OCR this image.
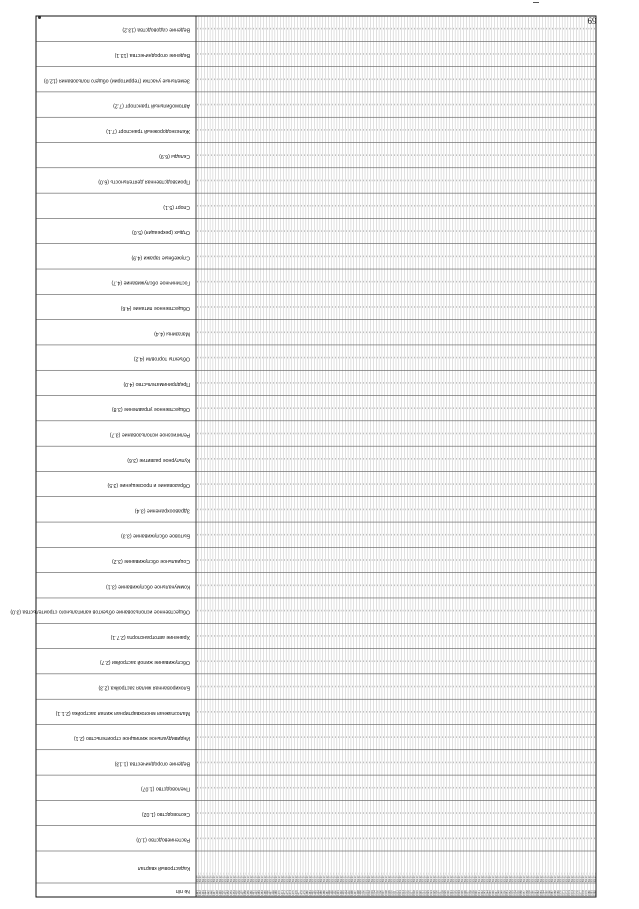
69
№ п/п
Кадастровый квартал
Растениеводство (1.0)
Скотоводство (1.02)
Пчеловодство (1.07)
Ведение огородничества (1.13)
Индивидуальное жилищное строительство (2.1)
Малоэтажная многоквартирная жилая застройка (2.1.1)
Блокированная жилая застройка (2.3)
Обслуживание жилой застройки (2.7)
Хранение автотранспорта (2.7.1)
Общественное использование объектов капитального строительства (3.0)
Коммунальное обслуживание (3.1)
Социальное обслуживание (3.2)
Бытовое обслуживание (3.3)
Здравоохранение (3.4)
Образование и просвещение (3.5)
Культурное развитие (3.6)
Религиозное использование (3.7)
Общественное управление (3.8)
Предпринимательство (4.0)
Объекты торговли (4.2)
Магазины (4.4)
Общественное питание (4.6)
Гостиничное обслуживание (4.7)
Служебные гаражи (4.9)
Отдых (рекреация) (5.0)
Спорт (5.1)
Производственная деятельность (6.0)
Склады (6.9)
Железнодорожный транспорт (7.1)
Автомобильный транспорт (7.2)
Земельные участки (территории) общего пользования (12.0)
Ведение огородничества (13.1)
Ведение садоводства (13.2)
1441
63:17:...
1442
63:17:...
1443
63:17:...
1444
63:17:...
1445
63:17:...
1446
63:17:...
1447
63:17:...
1448
63:17:...
1449
63:17:...
1450
63:17:...
1451
63:17:...
1452
63:17:...
1453
63:17:...
1454
63:17:...
1455
63:17:...
1456
63:17:...
1457
63:17:...
1458
63:17:...
1459
63:17:...
1460
63:17:...
1461
63:17:...
1462
63:17:...
1463
63:17:...
1464
63:17:...
1465
63:17:...
1466
63:17:...
1467
63:17:...
1468
63:17:...
1469
63:17:...
1470
63:17:...
1471
63:17:...
1472
63:17:...
1473
63:17:...
1474
63:17:...
1475
63:17:...
1476
63:17:...
1477
63:17:...
1478
63:17:...
1479
63:17:...
1480
63:17:...
1481
63:17:...
1482
63:17:...
1483
63:17:...
1484
63:17:...
1485
63:17:...
1486
63:17:...
1487
63:17:...
1488
63:17:...
1489
63:17:...
1490
63:17:...
1491
63:17:...
1492
63:17:...
1493
63:17:...
1494
63:17:...
1495
63:17:...
1496
63:17:...
1497
63:17:...
1498
63:17:...
1499
63:17:...
1500
63:17:...
1501
63:17:...
1502
63:17:...
1503
63:17:...
1504
63:17:...
1505
63:17:...
1506
63:17:...
1507
63:17:...
1508
63:17:...
1509
63:17:...
1510
63:17:...
1511
63:17:...
1512
63:17:...
1513
63:17:...
1514
63:17:...
1515
63:17:...
1516
63:17:...
1517
63:17:...
1518
63:17:...
1519
63:17:...
1520
63:17:...
1521
63:17:...
1522
63:17:...
1523
63:17:...
1524
63:17:...
1525
63:17:...
1526
63:17:...
1527
63:17:...
1528
63:17:...
1529
63:17:...
1530
63:17:...
1531
63:17:...
1532
63:17:...
1533
63:17:...
1534
63:17:...
1535
63:17:...
1536
63:17:...
1537
63:17:...
1538
63:17:...
1539
63:17:...
1540
63:17:...
1541
63:17:...
1542
63:17:...
1543
63:17:...
1544
63:17:...
1545
63:17:...
1546
63:17:...
1547
63:17:...
1548
63:17:...
1549
63:17:...
1550
63:17:...
1551
63:17:...
1552
63:17:...
1553
63:17:...
1554
63:17:...
1555
63:17:...
1556
63:17:...
1557
63:17:...
1558
63:17:...
1559
63:17:...
1560
63:17:...
1561
63:17:...
1562
63:17:...
1563
63:17:...
1564
63:17:...
1565
63:17:...
1566
63:17:...
1567
63:17:...
1568
63:17:...
1569
63:17:...
1570
63:17:...
1571
63:17:...
1572
63:17:...
1573
63:17:...
1574
63:17:...
1575
63:17:...
1576
63:17:...
1577
63:17:...
1578
63:17:...
1579
63:17:...
1580
63:17:...
1581
63:17:...
1582
63:17:...
